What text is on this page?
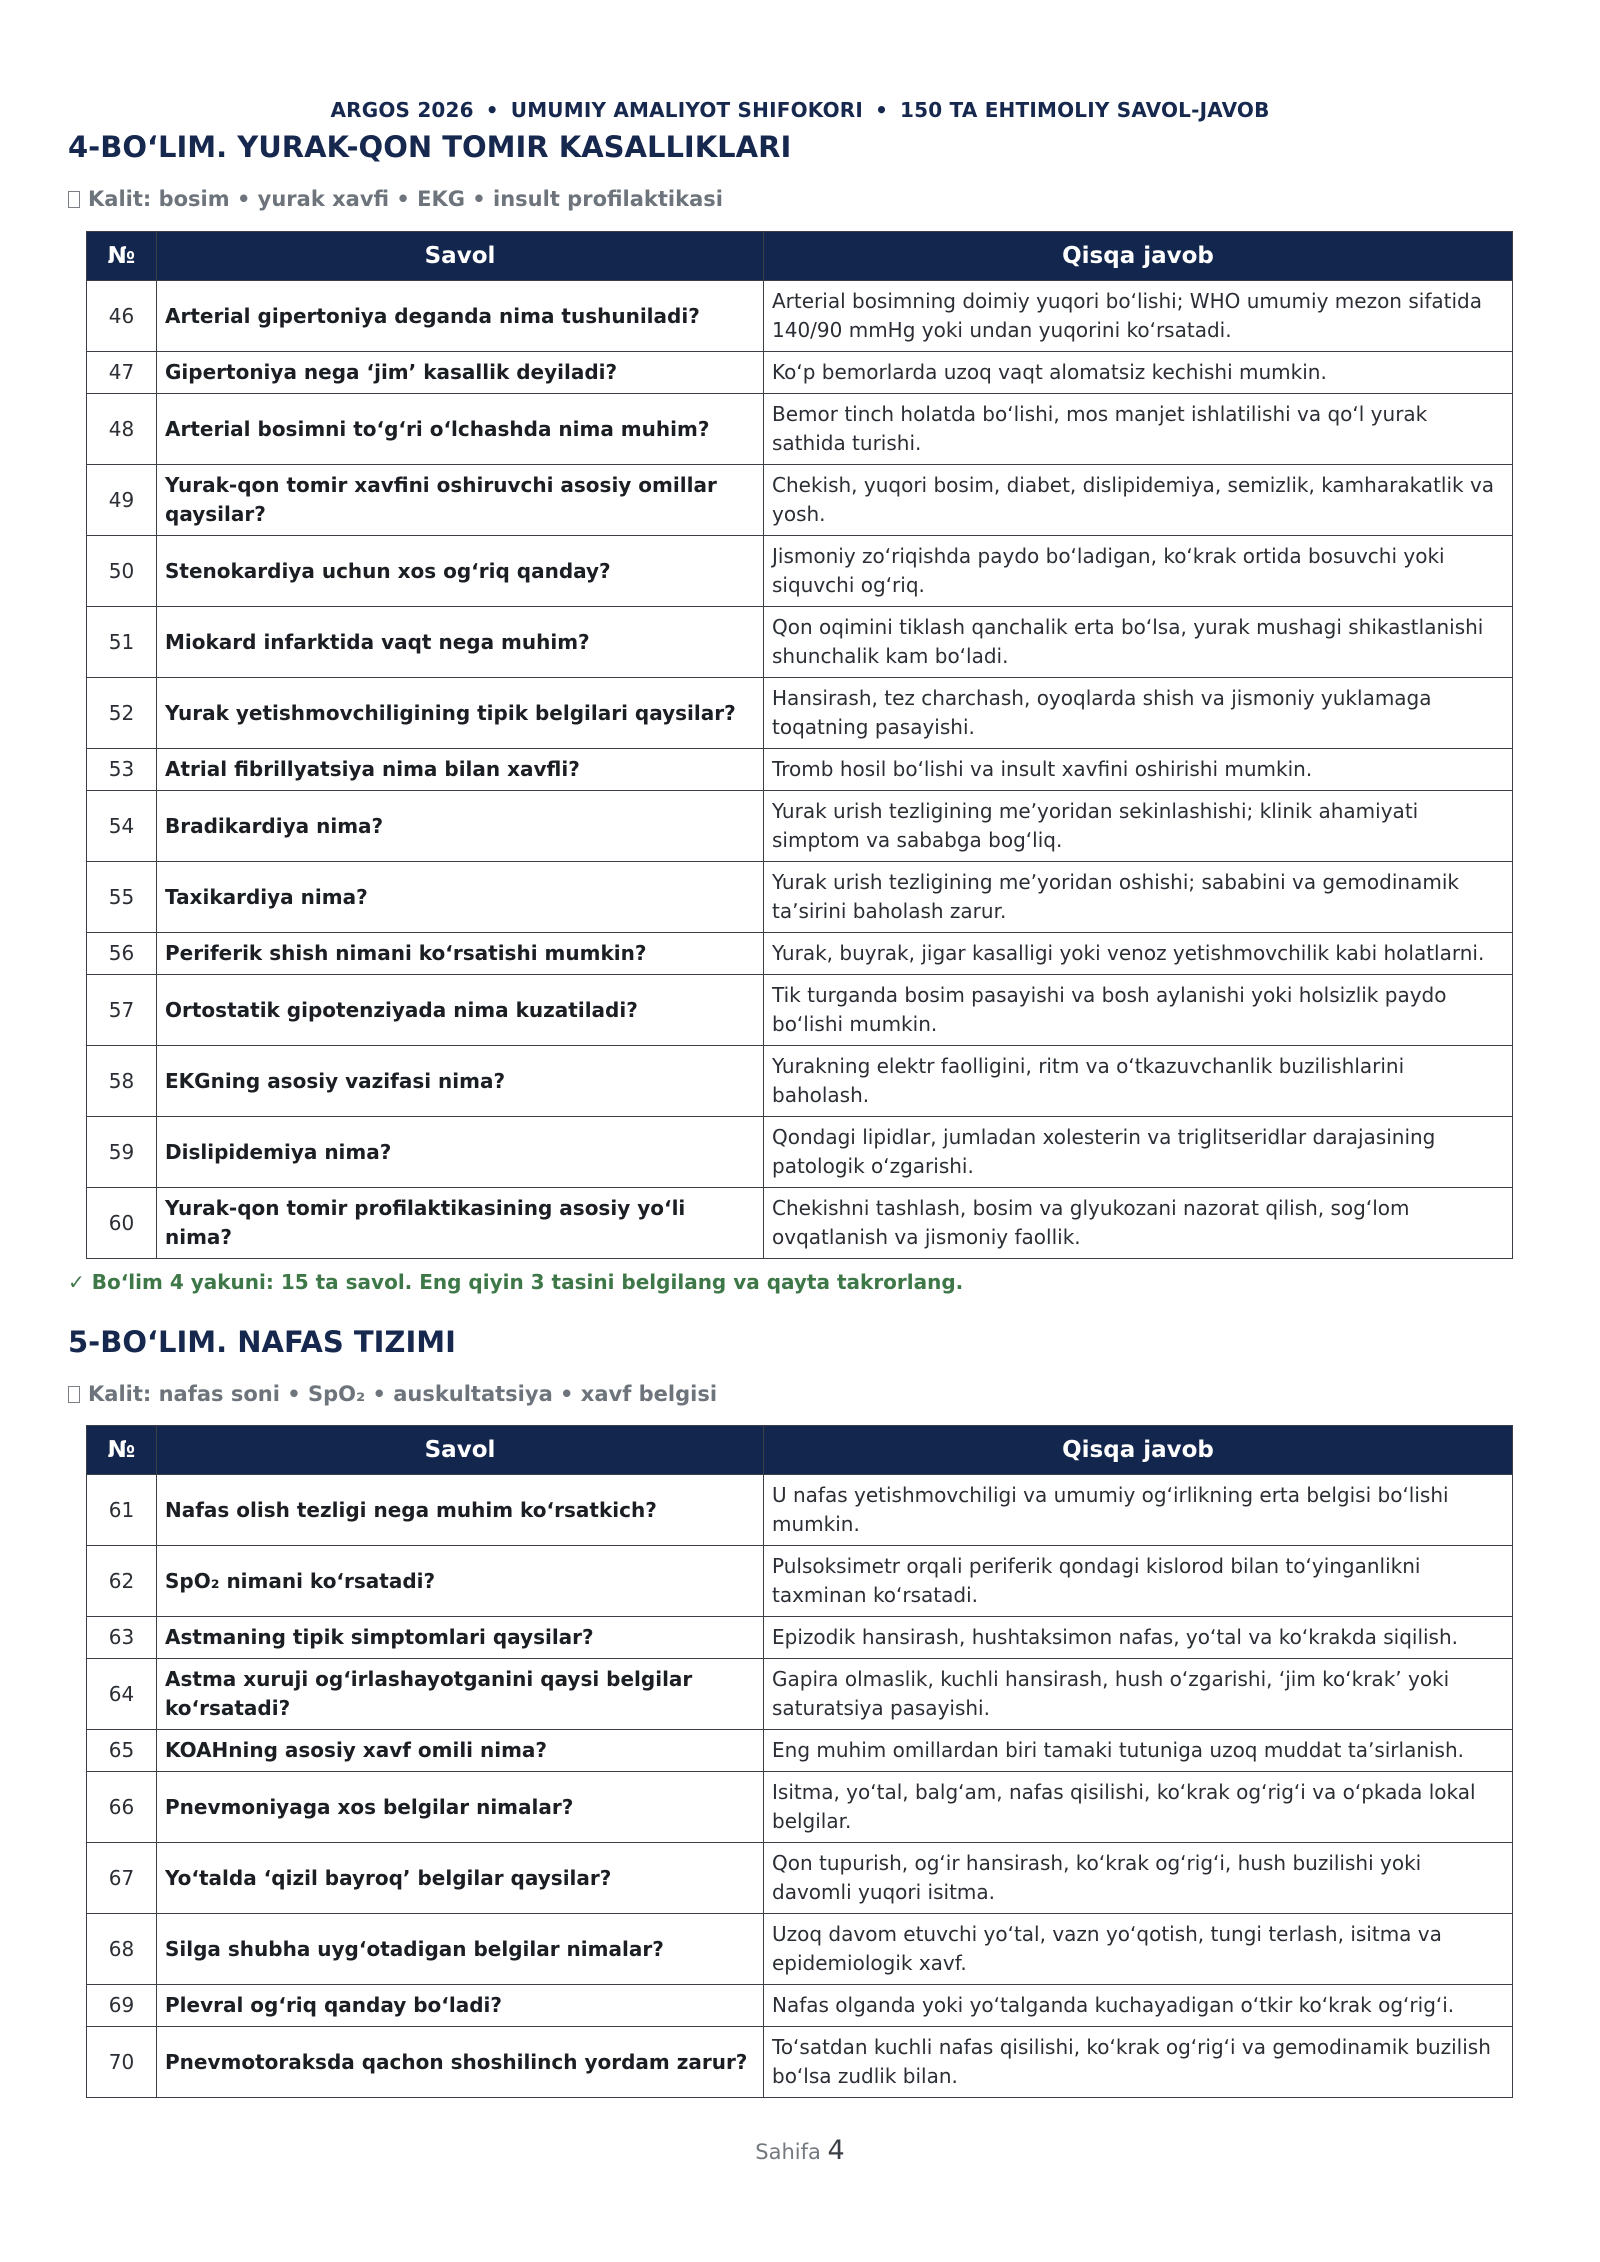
ARGOS 2026 • UMUMIY AMALIYOT SHIFOKORI • 150 TA EHTIMOLIY SAVOL-JAVOB
4-BOʻLIM. YURAK-QON TOMIR KASALLIKLARI
Kalit: bosim • yurak xavfi • EKG • insult profilaktikasi
№	Savol	Qisqa javob
46	Arterial gipertoniya deganda nima tushuniladi?	Arterial bosimning doimiy yuqori boʻlishi; WHO umumiy mezon sifatida 140/90 mmHg yoki undan yuqorini koʻrsatadi.
47	Gipertoniya nega ‘jim’ kasallik deyiladi?	Koʻp bemorlarda uzoq vaqt alomatsiz kechishi mumkin.
48	Arterial bosimni toʻgʻri oʻlchashda nima muhim?	Bemor tinch holatda boʻlishi, mos manjet ishlatilishi va qoʻl yurak sathida turishi.
49	Yurak-qon tomir xavfini oshiruvchi asosiy omillar qaysilar?	Chekish, yuqori bosim, diabet, dislipidemiya, semizlik, kamharakatlik va yosh.
50	Stenokardiya uchun xos ogʻriq qanday?	Jismoniy zoʻriqishda paydo boʻladigan, koʻkrak ortida bosuvchi yoki siquvchi ogʻriq.
51	Miokard infarktida vaqt nega muhim?	Qon oqimini tiklash qanchalik erta boʻlsa, yurak mushagi shikastlanishi shunchalik kam boʻladi.
52	Yurak yetishmovchiligining tipik belgilari qaysilar?	Hansirash, tez charchash, oyoqlarda shish va jismoniy yuklamaga toqatning pasayishi.
53	Atrial fibrillyatsiya nima bilan xavfli?	Tromb hosil boʻlishi va insult xavfini oshirishi mumkin.
54	Bradikardiya nima?	Yurak urish tezligining meʼyoridan sekinlashishi; klinik ahamiyati simptom va sababga bogʻliq.
55	Taxikardiya nima?	Yurak urish tezligining meʼyoridan oshishi; sababini va gemodinamik taʼsirini baholash zarur.
56	Periferik shish nimani koʻrsatishi mumkin?	Yurak, buyrak, jigar kasalligi yoki venoz yetishmovchilik kabi holatlarni.
57	Ortostatik gipotenziyada nima kuzatiladi?	Tik turganda bosim pasayishi va bosh aylanishi yoki holsizlik paydo boʻlishi mumkin.
58	EKGning asosiy vazifasi nima?	Yurakning elektr faolligini, ritm va oʻtkazuvchanlik buzilishlarini baholash.
59	Dislipidemiya nima?	Qondagi lipidlar, jumladan xolesterin va triglitseridlar darajasining patologik oʻzgarishi.
60	Yurak-qon tomir profilaktikasining asosiy yoʻli nima?	Chekishni tashlash, bosim va glyukozani nazorat qilish, sogʻlom ovqatlanish va jismoniy faollik.
✓ Boʻlim 4 yakuni: 15 ta savol. Eng qiyin 3 tasini belgilang va qayta takrorlang.
5-BOʻLIM. NAFAS TIZIMI
Kalit: nafas soni • SpO₂ • auskultatsiya • xavf belgisi
№	Savol	Qisqa javob
61	Nafas olish tezligi nega muhim koʻrsatkich?	U nafas yetishmovchiligi va umumiy ogʻirlikning erta belgisi boʻlishi mumkin.
62	SpO₂ nimani koʻrsatadi?	Pulsoksimetr orqali periferik qondagi kislorod bilan toʻyinganlikni taxminan koʻrsatadi.
63	Astmaning tipik simptomlari qaysilar?	Epizodik hansirash, hushtaksimon nafas, yoʻtal va koʻkrakda siqilish.
64	Astma xuruji ogʻirlashayotganini qaysi belgilar koʻrsatadi?	Gapira olmaslik, kuchli hansirash, hush oʻzgarishi, ‘jim koʻkrak’ yoki saturatsiya pasayishi.
65	KOAHning asosiy xavf omili nima?	Eng muhim omillardan biri tamaki tutuniga uzoq muddat taʼsirlanish.
66	Pnevmoniyaga xos belgilar nimalar?	Isitma, yoʻtal, balgʻam, nafas qisilishi, koʻkrak ogʻrigʻi va oʻpkada lokal belgilar.
67	Yoʻtalda ‘qizil bayroq’ belgilar qaysilar?	Qon tupurish, ogʻir hansirash, koʻkrak ogʻrigʻi, hush buzilishi yoki davomli yuqori isitma.
68	Silga shubha uygʻotadigan belgilar nimalar?	Uzoq davom etuvchi yoʻtal, vazn yoʻqotish, tungi terlash, isitma va epidemiologik xavf.
69	Plevral ogʻriq qanday boʻladi?	Nafas olganda yoki yoʻtalganda kuchayadigan oʻtkir koʻkrak ogʻrigʻi.
70	Pnevmotoraksda qachon shoshilinch yordam zarur?	Toʻsatdan kuchli nafas qisilishi, koʻkrak ogʻrigʻi va gemodinamik buzilish boʻlsa zudlik bilan.
Sahifa 4
